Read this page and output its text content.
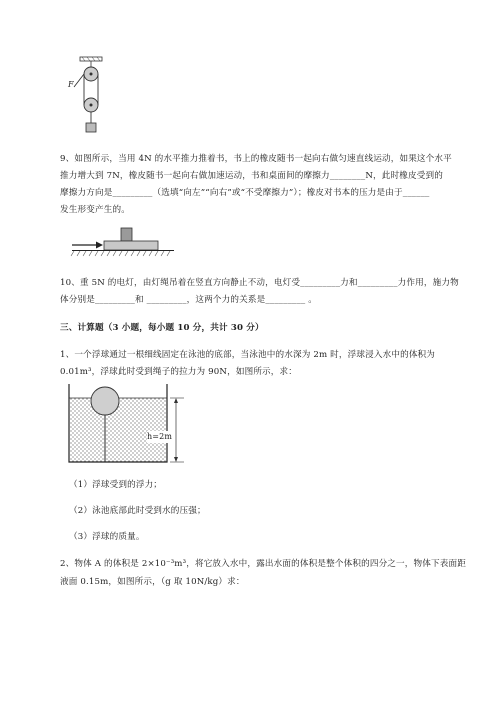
F
9、如图所示，当用 4N 的水平推力推着书，书上的橡皮随书一起向右做匀速直线运动，如果这个水平
推力增大到 7N，橡皮随书一起向右做加速运动，书和桌面间的摩擦力________N，此时橡皮受到的
摩擦力方向是_________（选填“向左”“向右”或“不受摩擦力”）；橡皮对书本的压力是由于______
发生形变产生的。
10、重 5N 的电灯，由灯绳吊着在竖直方向静止不动，电灯受_________力和_________力作用，施力物
体分别是_________和 _________，这两个力的关系是_________ 。
三、计算题（3 小题，每小题 10 分，共计 30 分）
1、一个浮球通过一根细线固定在泳池的底部，当泳池中的水深为 2m 时，浮球浸入水中的体积为
0.01m³，浮球此时受到绳子的拉力为 90N，如图所示，求：
h=2m
（1）浮球受到的浮力；
（2）泳池底部此时受到水的压强；
（3）浮球的质量。
2、物体 A 的体积是 2×10⁻³m³，将它放入水中，露出水面的体积是整个体积的四分之一，物体下表面距
液面 0.15m，如图所示，（g 取 10N/kg）求：
